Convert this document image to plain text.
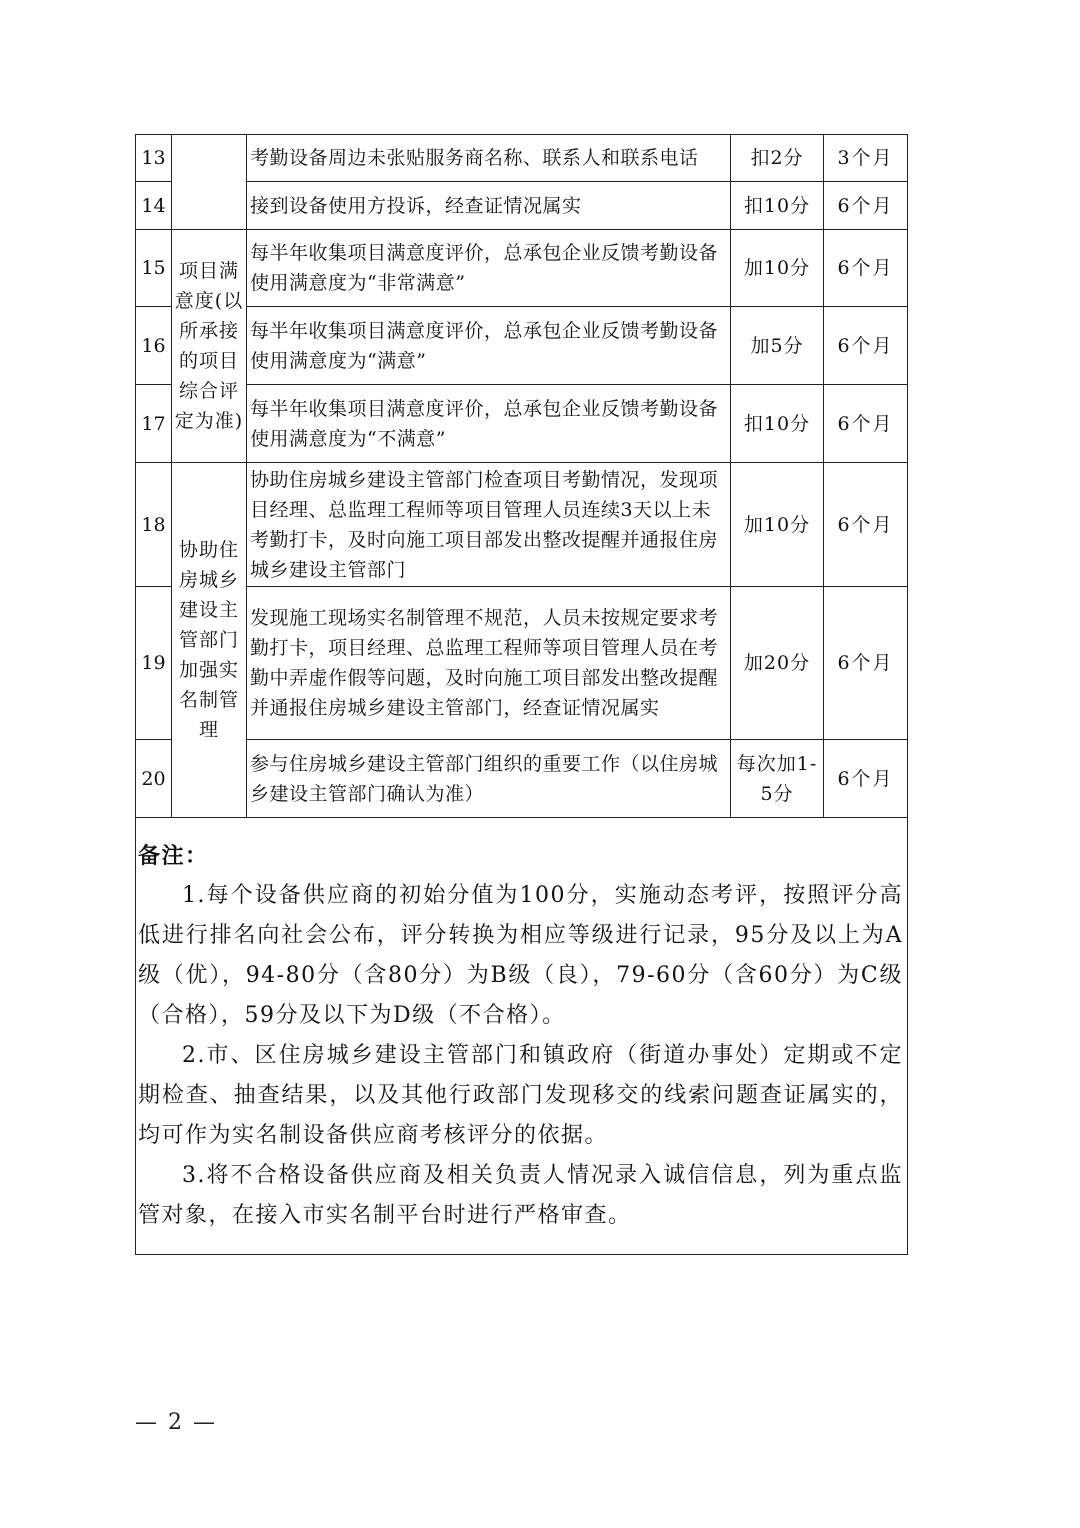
13		考勤设备周边未张贴服务商名称、联系人和联系电话	扣2分	3个月
14		接到设备使用方投诉，经查证情况属实	扣10分	6个月
15	项目满意度(以所承接的项目综合评定为准)	每半年收集项目满意度评价，总承包企业反馈考勤设备使用满意度为“非常满意”	加10分	6个月
16		每半年收集项目满意度评价，总承包企业反馈考勤设备使用满意度为“满意”	加5分	6个月
17		每半年收集项目满意度评价，总承包企业反馈考勤设备使用满意度为“不满意”	扣10分	6个月
18	协助住房城乡建设主管部门加强实名制管理	协助住房城乡建设主管部门检查项目考勤情况，发现项目经理、总监理工程师等项目管理人员连续3天以上未考勤打卡，及时向施工项目部发出整改提醒并通报住房城乡建设主管部门	加10分	6个月
19		发现施工现场实名制管理不规范，人员未按规定要求考勤打卡，项目经理、总监理工程师等项目管理人员在考勤中弄虚作假等问题，及时向施工项目部发出整改提醒并通报住房城乡建设主管部门，经查证情况属实	加20分	6个月
20		参与住房城乡建设主管部门组织的重要工作（以住房城乡建设主管部门确认为准）	每次加1-5分	6个月

备注：
1.每个设备供应商的初始分值为100分，实施动态考评，按照评分高低进行排名向社会公布，评分转换为相应等级进行记录，95分及以上为A级（优），94-80分（含80分）为B级（良），79-60分（含60分）为C级（合格），59分及以下为D级（不合格）。
2.市、区住房城乡建设主管部门和镇政府（街道办事处）定期或不定期检查、抽查结果，以及其他行政部门发现移交的线索问题查证属实的，均可作为实名制设备供应商考核评分的依据。
3.将不合格设备供应商及相关负责人情况录入诚信信息，列为重点监管对象，在接入市实名制平台时进行严格审查。				
— 2 —
